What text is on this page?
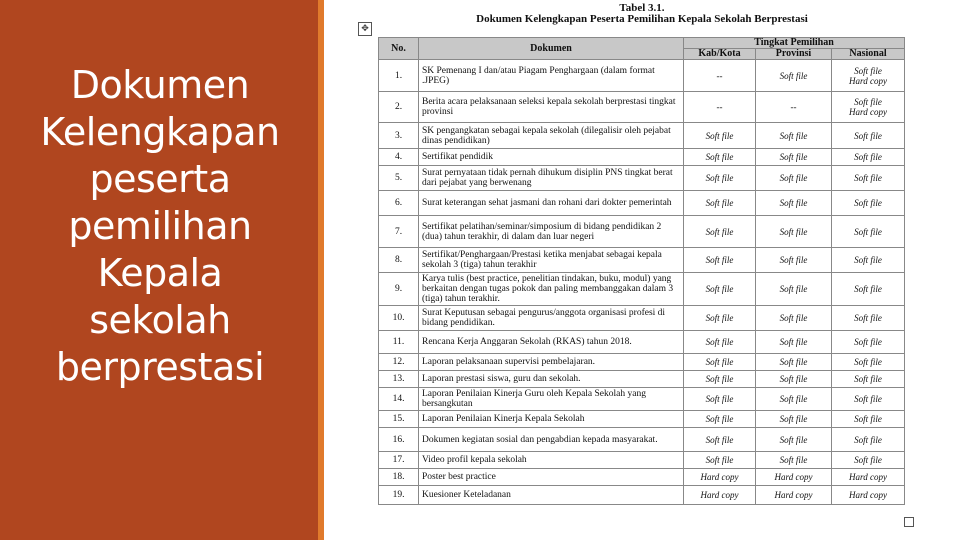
Dokumen
Kelengkapan
peserta
pemilihan
Kepala
sekolah
berprestasi
Tabel 3.1.
Dokumen Kelengkapan Peserta Pemilihan Kepala Sekolah Berprestasi
✥
No.	Dokumen	Tingkat Pemilihan		
		Kab/Kota	Provinsi	Nasional
1.	SK Pemenang I dan/atau Piagam Penghargaan (dalam format .JPEG)	--	Soft file	Soft file
Hard copy

2.	Berita acara pelaksanaan seleksi kepala sekolah berprestasi tingkat provinsi	--	--	Soft file
Hard copy

3.	SK pengangkatan sebagai kepala sekolah (dilegalisir oleh pejabat dinas pendidikan)	Soft file	Soft file	Soft file

4.	Sertifikat pendidik	Soft file	Soft file	Soft file

5.	Surat pernyataan tidak pernah dihukum disiplin PNS tingkat berat dari pejabat yang berwenang	Soft file	Soft file	Soft file

6.	Surat keterangan sehat jasmani dan rohani dari dokter pemerintah	Soft file	Soft file	Soft file

7.	Sertifikat pelatihan/seminar/simposium di bidang pendidikan 2 (dua) tahun terakhir, di dalam dan luar negeri	Soft file	Soft file	Soft file

8.	Sertifikat/Penghargaan/Prestasi ketika menjabat sebagai kepala sekolah 3 (tiga) tahun terakhir	Soft file	Soft file	Soft file

9.	Karya tulis (best practice, penelitian tindakan, buku, modul) yang berkaitan dengan tugas pokok dan paling membanggakan dalam 3 (tiga) tahun terakhir.	Soft file	Soft file	Soft file

10.	Surat Keputusan sebagai pengurus/anggota organisasi profesi di bidang pendidikan.	Soft file	Soft file	Soft file

11.	Rencana Kerja Anggaran Sekolah (RKAS) tahun 2018.	Soft file	Soft file	Soft file

12.	Laporan pelaksanaan supervisi pembelajaran.	Soft file	Soft file	Soft file

13.	Laporan prestasi siswa, guru dan sekolah.	Soft file	Soft file	Soft file

14.	Laporan Penilaian Kinerja Guru oleh Kepala Sekolah yang bersangkutan	Soft file	Soft file	Soft file

15.	Laporan Penilaian Kinerja Kepala Sekolah	Soft file	Soft file	Soft file

16.	Dokumen kegiatan sosial dan pengabdian kepada masyarakat.	Soft file	Soft file	Soft file

17.	Video profil kepala sekolah	Soft file	Soft file	Soft file

18.	Poster best practice	Hard copy	Hard copy	Hard copy

19.	Kuesioner Keteladanan	Hard copy	Hard copy	Hard copy
